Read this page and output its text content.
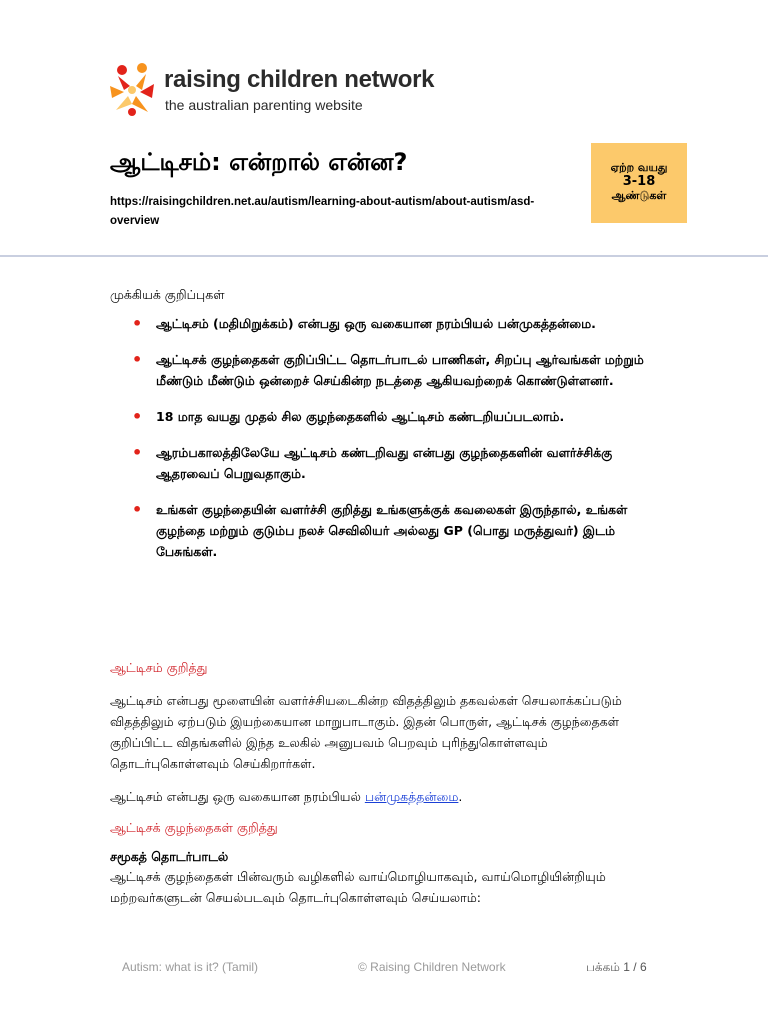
raising children network
the australian parenting website
ஆட்டிசம்: என்றால் என்ன?
https://raisingchildren.net.au/autism/learning-about-autism/about-autism/asd-overview
ஏற்ற வயது
3-18
ஆண்டுகள்
முக்கியக் குறிப்புகள்
• ஆட்டிசம் (மதிமிறுக்கம்) என்பது ஒரு வகையான நரம்பியல் பன்முகத்தன்மை.
• ஆட்டிசக் குழந்தைகள் குறிப்பிட்ட தொடர்பாடல் பாணிகள், சிறப்பு ஆர்வங்கள் மற்றும் மீண்டும் மீண்டும் ஒன்றைச் செய்கின்ற நடத்தை ஆகியவற்றைக் கொண்டுள்ளனர்.
• 18 மாத வயது முதல் சில குழந்தைகளில் ஆட்டிசம் கண்டறியப்படலாம்.
• ஆரம்பகாலத்திலேயே ஆட்டிசம் கண்டறிவது என்பது குழந்தைகளின் வளர்ச்சிக்கு ஆதரவைப் பெறுவதாகும்.
• உங்கள் குழந்தையின் வளர்ச்சி குறித்து உங்களுக்குக் கவலைகள் இருந்தால், உங்கள் குழந்தை மற்றும் குடும்ப நலச் செவிலியர் அல்லது GP (பொது மருத்துவர்) இடம் பேசுங்கள்.
ஆட்டிசம் குறித்து

ஆட்டிசம் என்பது மூளையின் வளர்ச்சியடைகின்ற விதத்திலும் தகவல்கள் செயலாக்கப்படும் விதத்திலும் ஏற்படும் இயற்கையான மாறுபாடாகும். இதன் பொருள், ஆட்டிசக் குழந்தைகள் குறிப்பிட்ட விதங்களில் இந்த உலகில் அனுபவம் பெறவும் புரிந்துகொள்ளவும் தொடர்புகொள்ளவும் செய்கிறார்கள்.

ஆட்டிசம் என்பது ஒரு வகையான நரம்பியல் பன்முகத்தன்மை.

ஆட்டிசக் குழந்தைகள் குறித்து
சமூகத் தொடர்பாடல்

ஆட்டிசக் குழந்தைகள் பின்வரும் வழிகளில் வாய்மொழியாகவும், வாய்மொழியின்றியும் மற்றவர்களுடன் செயல்படவும் தொடர்புகொள்ளவும் செய்யலாம்:

Autism: what is it? (Tamil)	© Raising Children Network	பக்கம் 1 / 6
